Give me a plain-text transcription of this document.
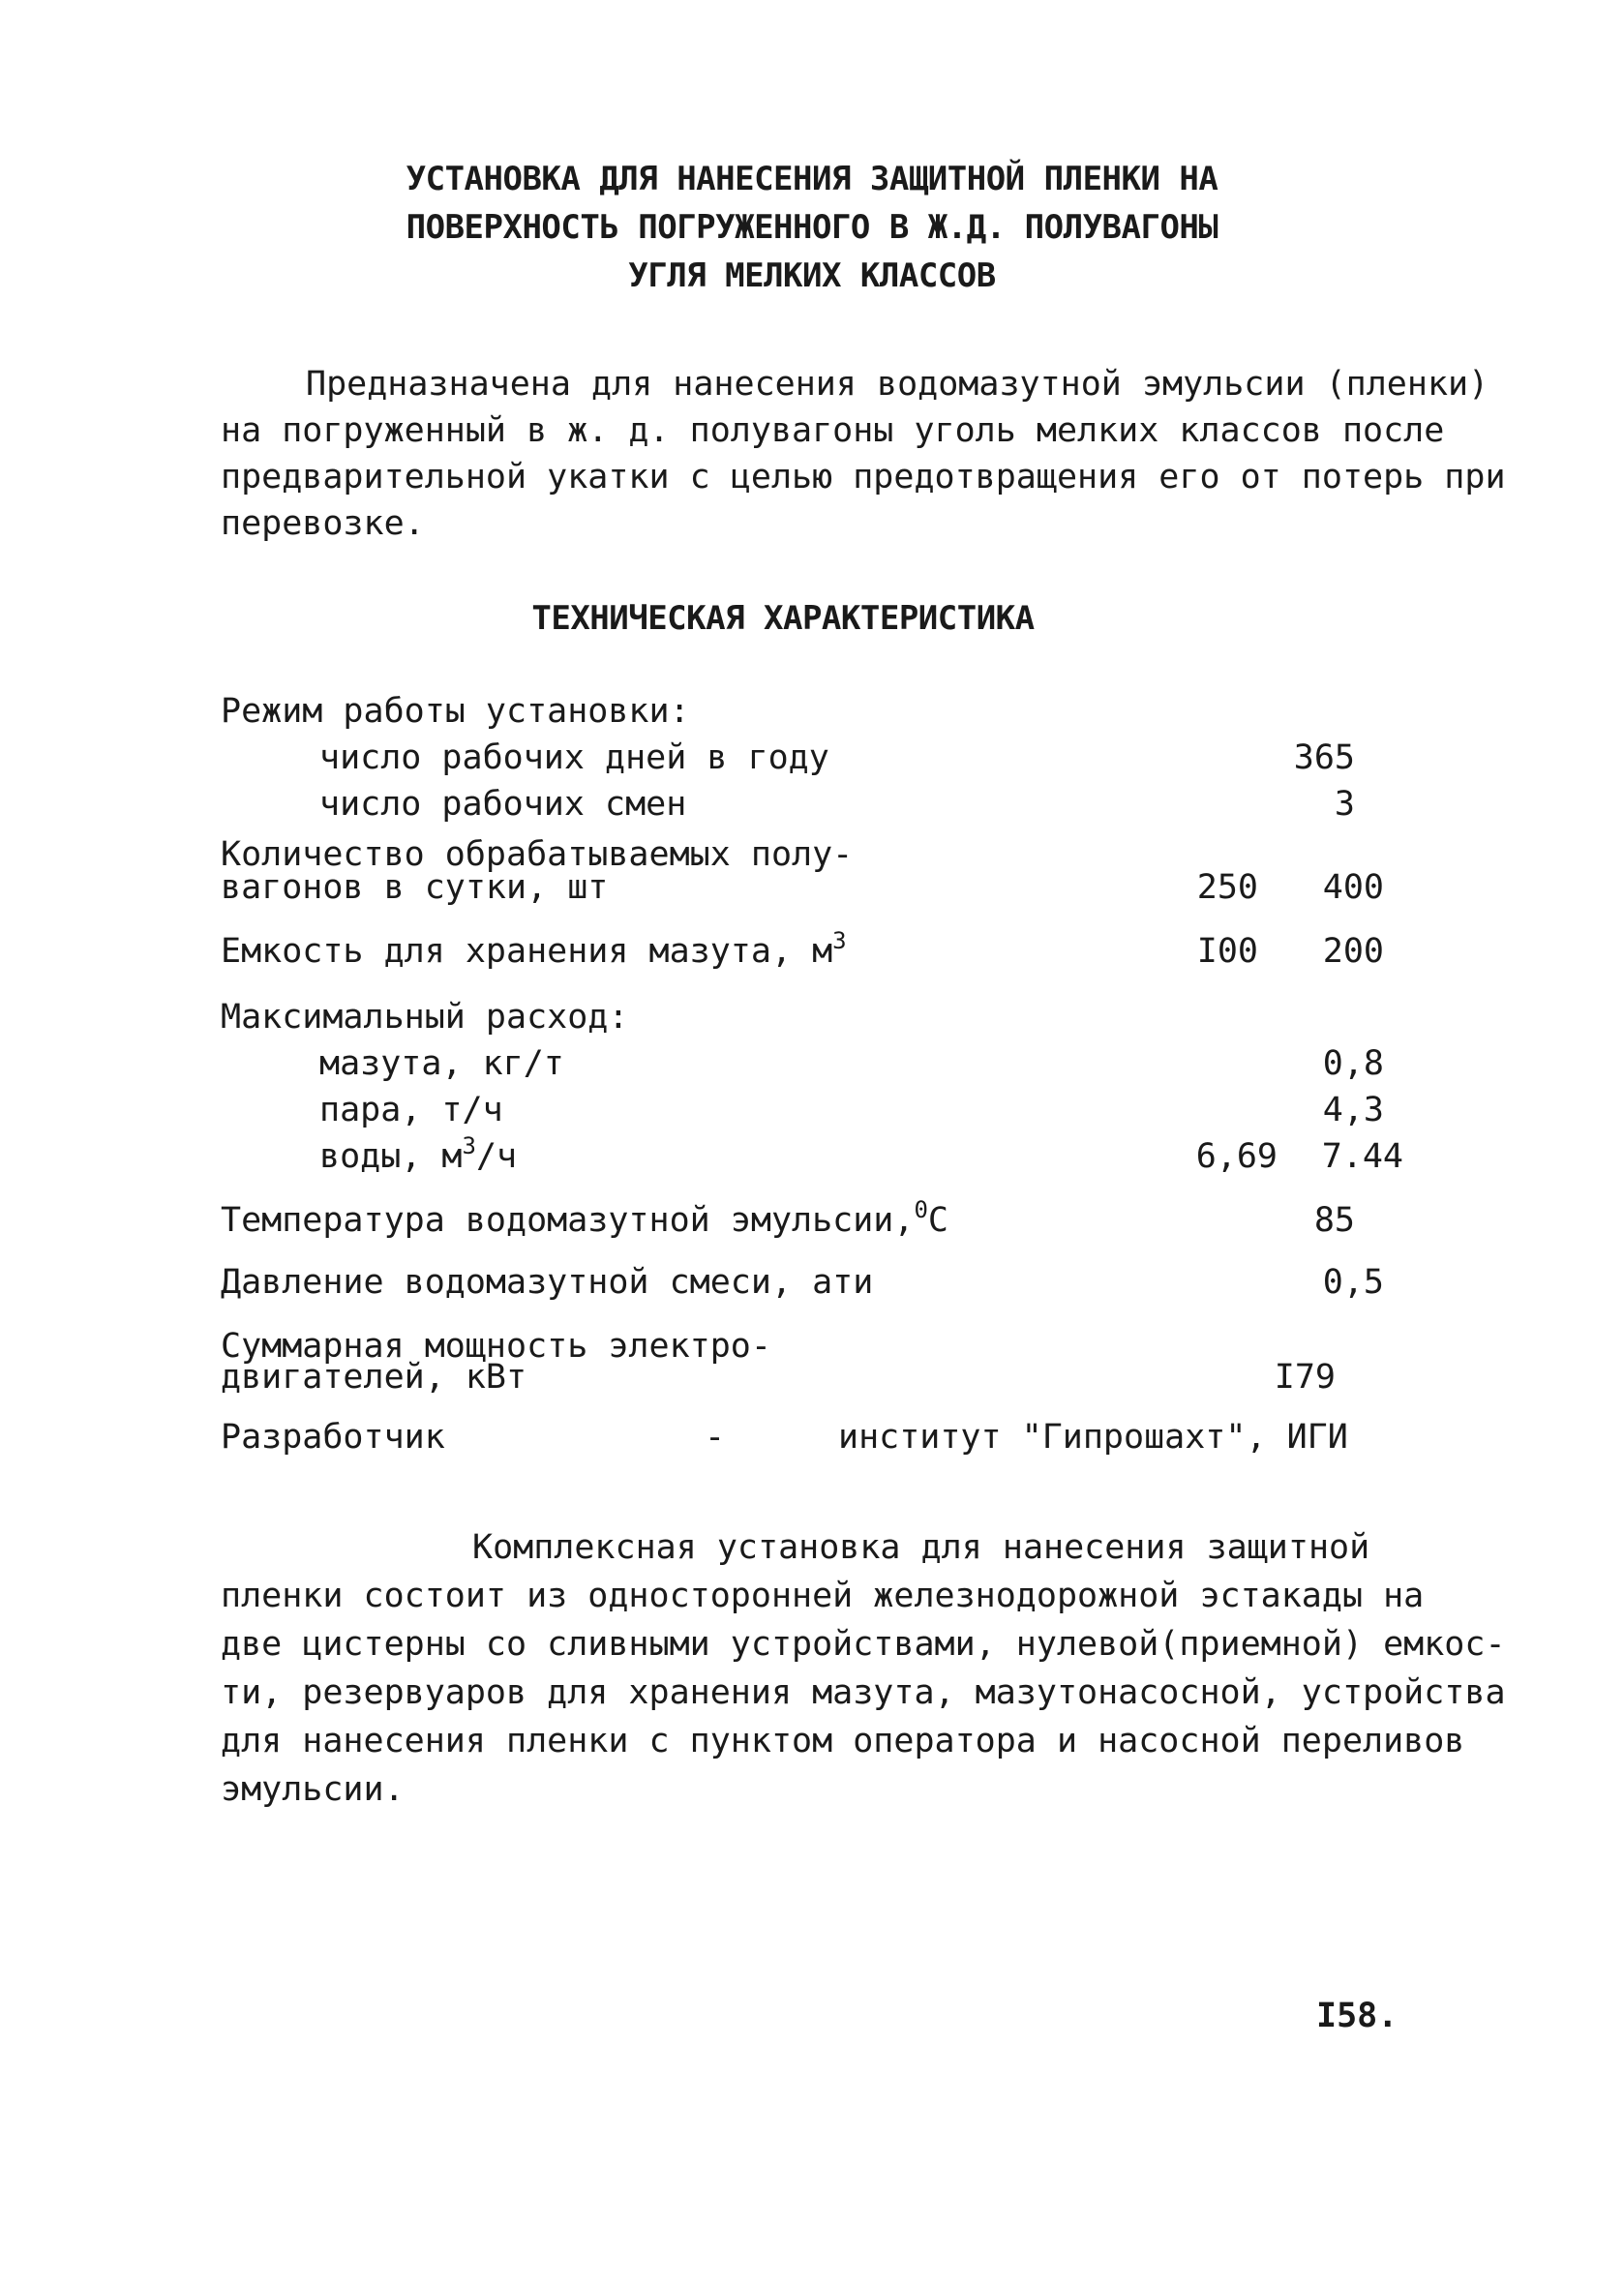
УСТАНОВКА ДЛЯ НАНЕСЕНИЯ ЗАЩИТНОЙ ПЛЕНКИ НА
ПОВЕРХНОСТЬ ПОГРУЖЕННОГО В Ж.Д. ПОЛУВАГОНЫ
УГЛЯ МЕЛКИХ КЛАССОВ
Предназначена для нанесения водомазутной эмульсии (пленки)
на погруженный в ж. д. полувагоны уголь мелких классов после
предварительной укатки с целью предотвращения его от потерь при
перевозке.
ТЕХНИЧЕСКАЯ ХАРАКТЕРИСТИКА
Режим работы установки:
число рабочих дней в году	365
число рабочих смен	3
Количество обрабатываемых полу-
вагонов в сутки, шт	250	400
Емкость для хранения мазута, $м^3$	I00	200
Максимальный расход:
мазута, кг/т	0,8
пара, т/ч	4,3
воды, $м^3/ч$	6,69	7.44
Температура водомазутной эмульсии,$^0$С	85
Давление водомазутной смеси, ати	0,5
Суммарная мощность электро-
двигателей, кВт	I79
Разработчик	-	институт "Гипрошахт", ИГИ
Комплексная установка для нанесения защитной
пленки состоит из односторонней железнодорожной эстакады на
две цистерны со сливными устройствами, нулевой(приемной) емкос-
ти, резервуаров для хранения мазута, мазутонасосной, устройства
для нанесения пленки с пунктом оператора и насосной переливов
эмульсии.
I58.
